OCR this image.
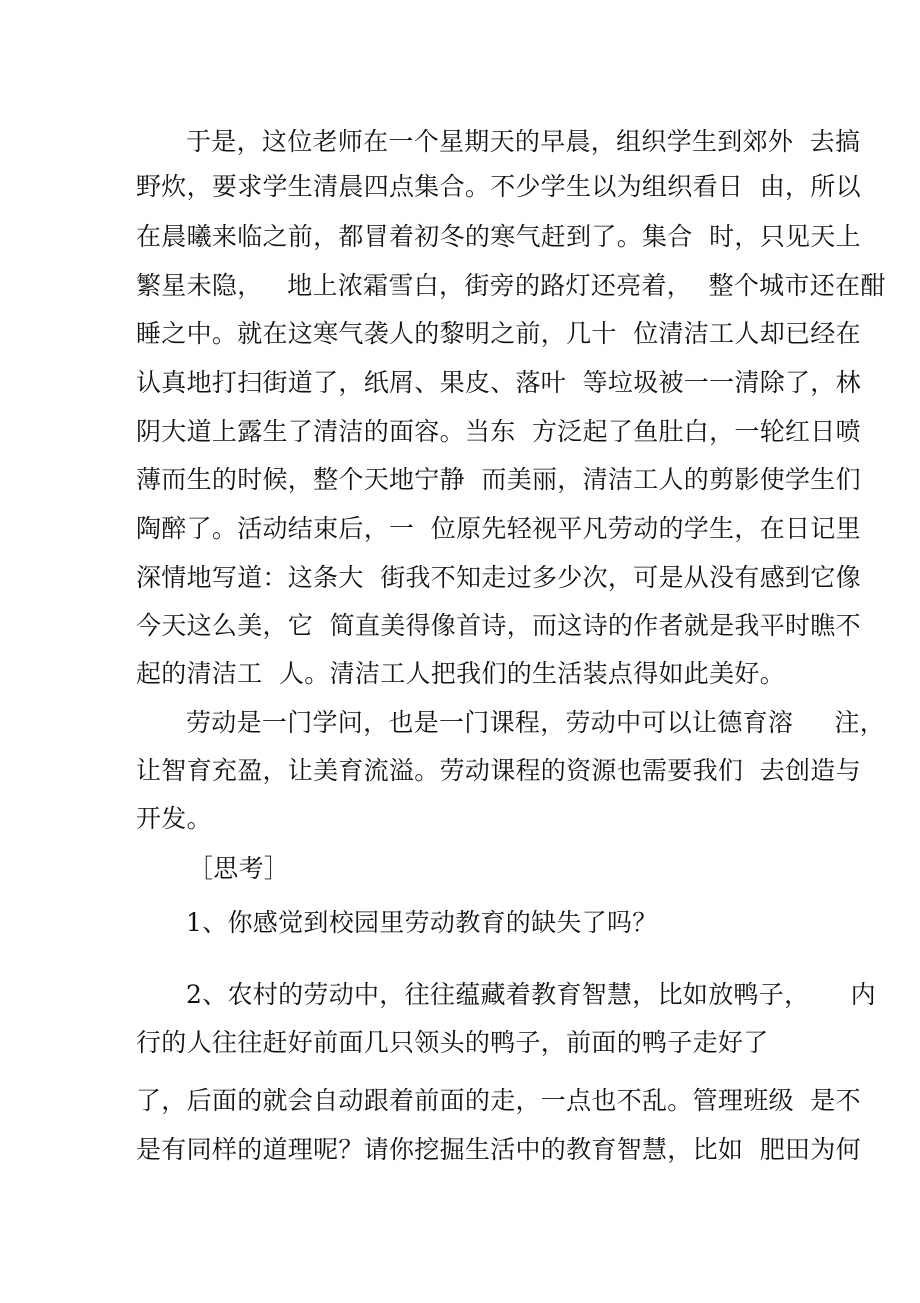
于是，这位老师在一个星期天的早晨，组织学生到郊外  去搞

野炊，要求学生清晨四点集合。不少学生以为组织看日  由，所以

在晨曦来临之前，都冒着初冬的寒气赶到了。集合  时，只见天上

繁星未隐，   地上浓霜雪白，街旁的路灯还亮着，  整个城市还在酣

睡之中。就在这寒气袭人的黎明之前，几十  位清洁工人却已经在

认真地打扫街道了，纸屑、果皮、落叶  等垃圾被一一清除了，林

阴大道上露生了清洁的面容。当东  方泛起了鱼肚白，一轮红日喷

薄而生的时候，整个天地宁静  而美丽，清洁工人的剪影使学生们

陶醉了。活动结束后，一  位原先轻视平凡劳动的学生，在日记里

深情地写道：这条大  街我不知走过多少次，可是从没有感到它像

今天这么美，它  简直美得像首诗，而这诗的作者就是我平时瞧不

起的清洁工  人。清洁工人把我们的生活装点得如此美好。

劳动是一门学问，也是一门课程，劳动中可以让德育溶     注，

让智育充盈，让美育流溢。劳动课程的资源也需要我们  去创造与

开发。

［思考］

1、你感觉到校园里劳动教育的缺失了吗？

2、农村的劳动中，往往蕴藏着教育智慧，比如放鸭子，     内

行的人往往赶好前面几只领头的鸭子，前面的鸭子走好了

了，后面的就会自动跟着前面的走，一点也不乱。管理班级  是不

是有同样的道理呢？请你挖掘生活中的教育智慧，比如  肥田为何
